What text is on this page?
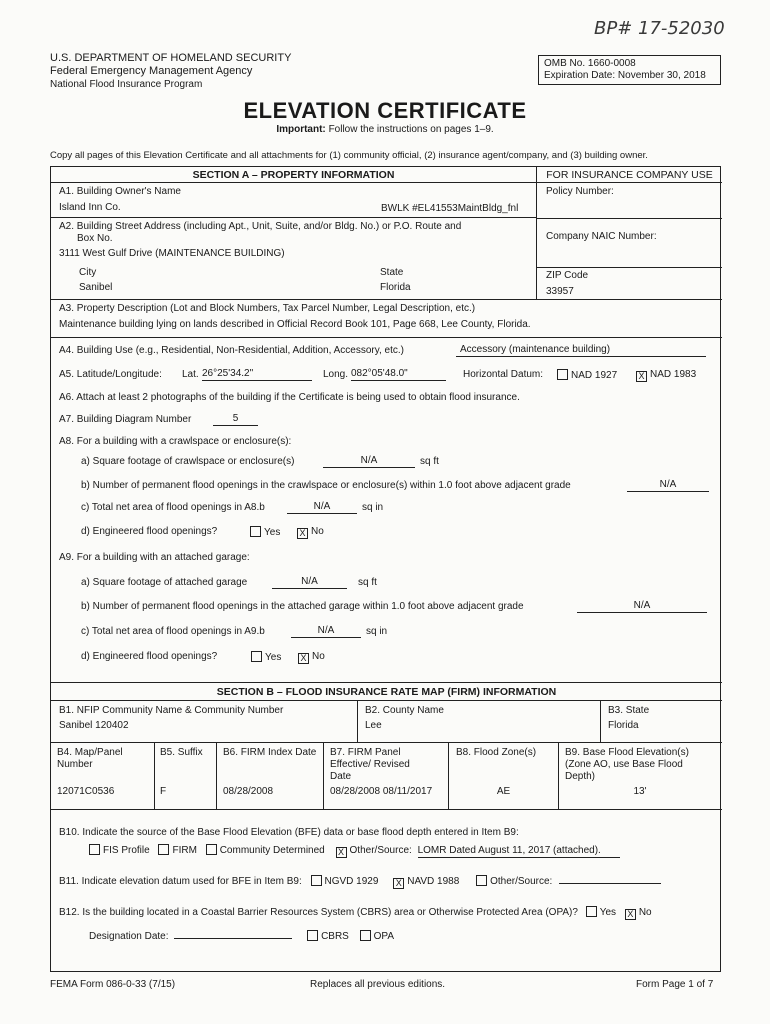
BP# 17-52030
U.S. DEPARTMENT OF HOMELAND SECURITY
Federal Emergency Management Agency
National Flood Insurance Program
OMB No. 1660-0008
Expiration Date: November 30, 2018
ELEVATION CERTIFICATE
Important: Follow the instructions on pages 1–9.
Copy all pages of this Elevation Certificate and all attachments for (1) community official, (2) insurance agent/company, and (3) building owner.
SECTION A – PROPERTY INFORMATION	FOR INSURANCE COMPANY USE
Policy Number:
Company NAIC Number:
ZIP Code
33957
A1. Building Owner's Name
Island Inn Co.	BWLK #EL41553MaintBldg_fnl
A2. Building Street Address (including Apt., Unit, Suite, and/or Bldg. No.) or P.O. Route and
Box No.
3111 West Gulf Drive (MAINTENANCE BUILDING)
City
Sanibel
State
Florida
A3. Property Description (Lot and Block Numbers, Tax Parcel Number, Legal Description, etc.)
Maintenance building lying on lands described in Official Record Book 101, Page 668, Lee County, Florida.
A4. Building Use (e.g., Residential, Non-Residential, Addition, Accessory, etc.)	Accessory (maintenance building)
A5. Latitude/Longitude: Lat. 26°25'34.2"	Long. 082°05'48.0"	Horizontal Datum:	NAD 1927 X NAD 1983
A6. Attach at least 2 photographs of the building if the Certificate is being used to obtain flood insurance.
A7. Building Diagram Number	5
A8. For a building with a crawlspace or enclosure(s):
a) Square footage of crawlspace or enclosure(s)	N/A	sq ft
b) Number of permanent flood openings in the crawlspace or enclosure(s) within 1.0 foot above adjacent grade	N/A
c) Total net area of flood openings in A8.b	N/A	sq in
d) Engineered flood openings?	Yes X No
A9. For a building with an attached garage:
a) Square footage of attached garage	N/A	sq ft
b) Number of permanent flood openings in the attached garage within 1.0 foot above adjacent grade	N/A
c) Total net area of flood openings in A9.b	N/A	sq in
d) Engineered flood openings?	Yes X No
SECTION B – FLOOD INSURANCE RATE MAP (FIRM) INFORMATION
B1. NFIP Community Name & Community Number
Sanibel 120402
B2. County Name
Lee
B3. State
Florida
B4. Map/Panel Number
12071C0536
B5. Suffix
F
B6. FIRM Index Date
08/28/2008
B7. FIRM Panel Effective/ Revised Date
08/28/2008 08/11/2017
B8. Flood Zone(s)
AE
B9. Base Flood Elevation(s) (Zone AO, use Base Flood Depth)
13'
B10. Indicate the source of the Base Flood Elevation (BFE) data or base flood depth entered in Item B9:
FIS Profile FIRM Community Determined X Other/Source: LOMR Dated August 11, 2017 (attached).
B11. Indicate elevation datum used for BFE in Item B9: NGVD 1929 X NAVD 1988	Other/Source:
B12. Is the building located in a Coastal Barrier Resources System (CBRS) area or Otherwise Protected Area (OPA)? Yes X No
Designation Date:	CBRS OPA
FEMA Form 086-0-33 (7/15)	Replaces all previous editions.	Form Page 1 of 7
